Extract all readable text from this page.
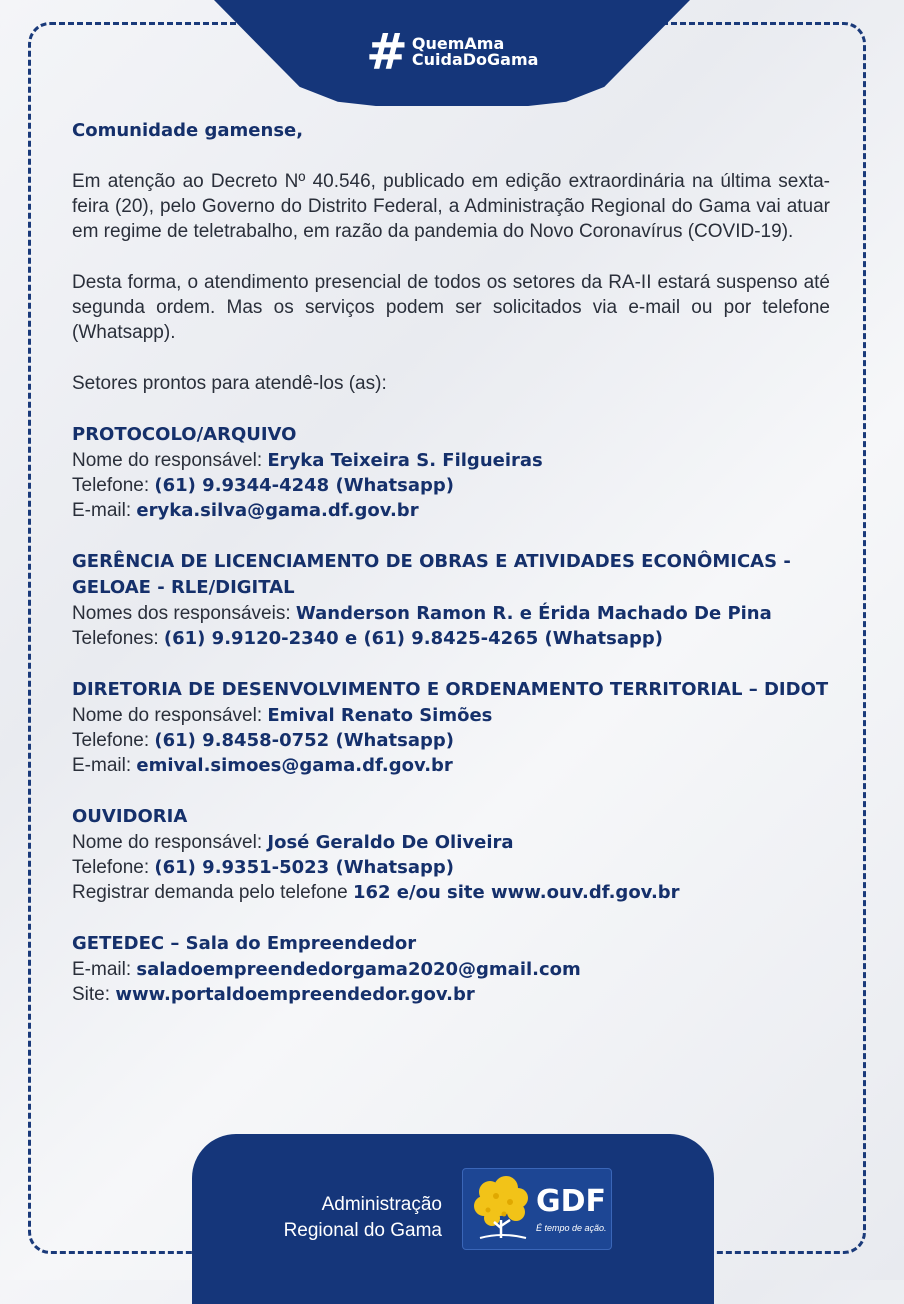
# QuemAma
CuidaDoGama

Comunidade gamense,

Em atenção ao Decreto Nº 40.546, publicado em edição extraordinária na última sexta-feira (20), pelo Governo do Distrito Federal, a Administração Regional do Gama vai atuar em regime de teletrabalho, em razão da pandemia do Novo Coronavírus (COVID-19).

Desta forma, o atendimento presencial de todos os setores da RA-II estará suspenso até segunda ordem. Mas os serviços podem ser solicitados via e-mail ou por telefone (Whatsapp).

Setores prontos para atendê-los (as):

PROTOCOLO/ARQUIVO
Nome do responsável: Eryka Teixeira S. Filgueiras
Telefone: (61) 9.9344-4248 (Whatsapp)
E-mail: eryka.silva@gama.df.gov.br
GERÊNCIA DE LICENCIAMENTO DE OBRAS E ATIVIDADES ECONÔMICAS - GELOAE - RLE/DIGITAL
Nomes dos responsáveis: Wanderson Ramon R. e Érida Machado De Pina
Telefones: (61) 9.9120-2340 e (61) 9.8425-4265 (Whatsapp)
DIRETORIA DE DESENVOLVIMENTO E ORDENAMENTO TERRITORIAL – DIDOT
Nome do responsável: Emival Renato Simões
Telefone: (61) 9.8458-0752 (Whatsapp)
E-mail: emival.simoes@gama.df.gov.br
OUVIDORIA
Nome do responsável: José Geraldo De Oliveira
Telefone: (61) 9.9351-5023 (Whatsapp)
Registrar demanda pelo telefone 162 e/ou site www.ouv.df.gov.br
GETEDEC – Sala do Empreendedor
E-mail: saladoempreendedorgama2020@gmail.com
Site: www.portaldoempreendedor.gov.br
Administração
Regional do Gama
GDF
É tempo de ação.
